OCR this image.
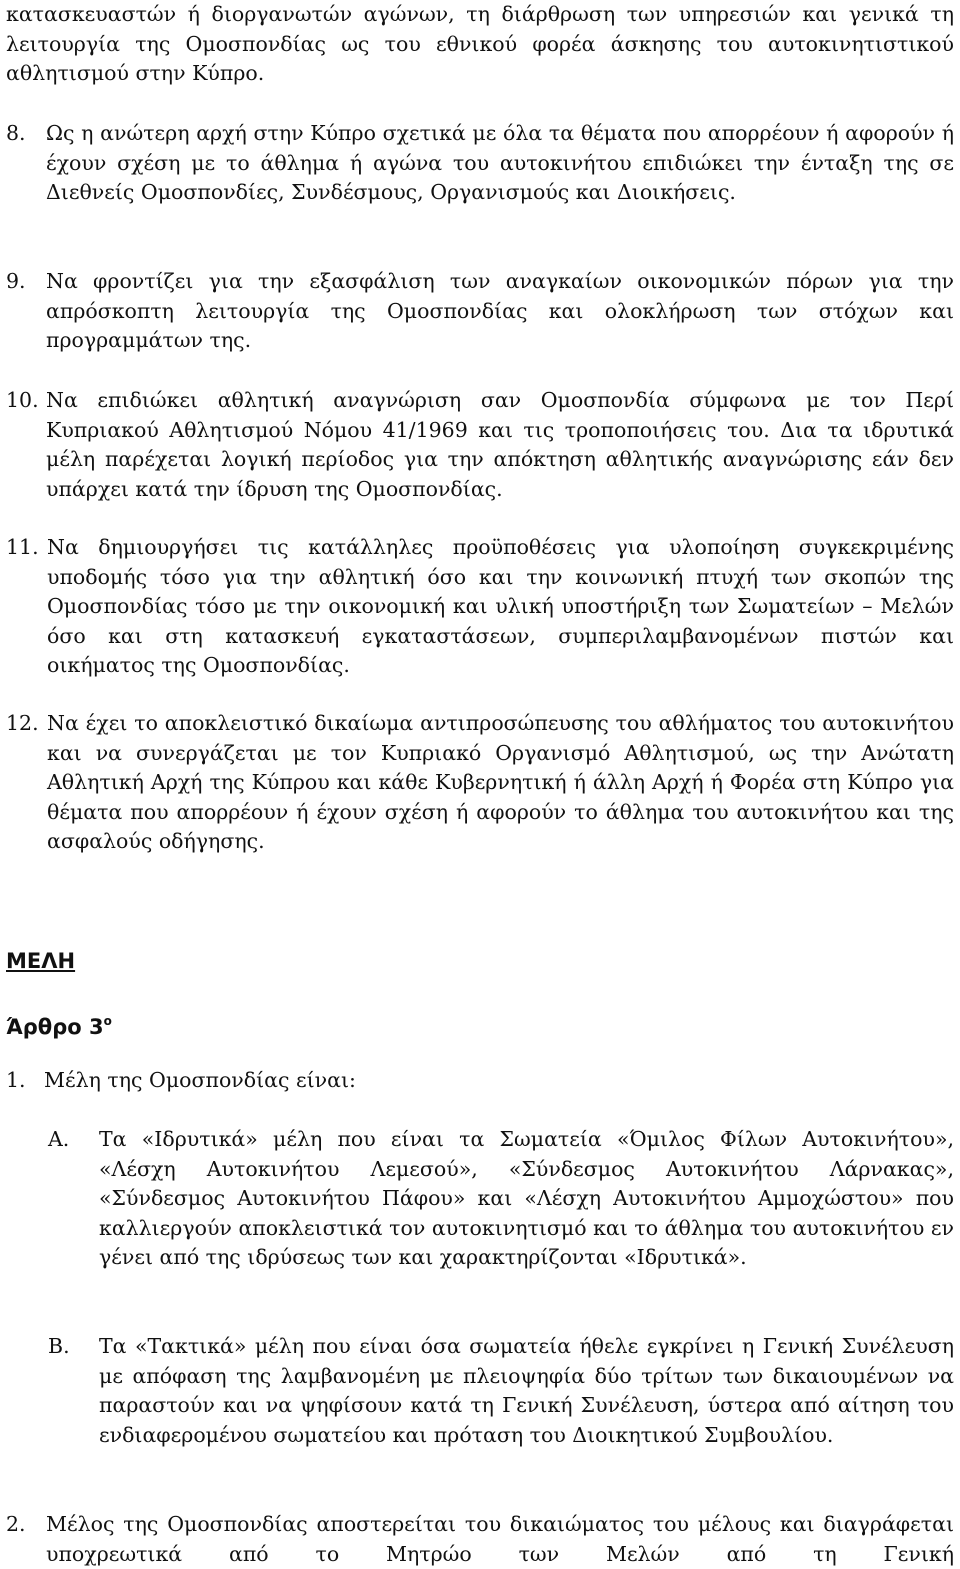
κατασκευαστών ή διοργανωτών αγώνων, τη διάρθρωση των υπηρεσιών και γενικά τη λειτουργία της Ομοσπονδίας ως του εθνικού φορέα άσκησης του αυτοκινητιστικού αθλητισμού στην Κύπρο.

8. Ως η ανώτερη αρχή στην Κύπρο σχετικά με όλα τα θέματα που απορρέουν ή αφορούν ή έχουν σχέση με το άθλημα ή αγώνα του αυτοκινήτου επιδιώκει την ένταξη της σε Διεθνείς Ομοσπονδίες, Συνδέσμους, Οργανισμούς και Διοικήσεις.

9. Να φροντίζει για την εξασφάλιση των αναγκαίων οικονομικών πόρων για την απρόσκοπτη λειτουργία της Ομοσπονδίας και ολοκλήρωση των στόχων και προγραμμάτων της.

10. Να επιδιώκει αθλητική αναγνώριση σαν Ομοσπονδία σύμφωνα με τον Περί Κυπριακού Αθλητισμού Νόμου 41/1969 και τις τροποποιήσεις του. Δια τα ιδρυτικά μέλη παρέχεται λογική περίοδος για την απόκτηση αθλητικής αναγνώρισης εάν δεν υπάρχει κατά την ίδρυση της Ομοσπονδίας.

11. Να δημιουργήσει τις κατάλληλες προϋποθέσεις για υλοποίηση συγκεκριμένης υποδομής τόσο για την αθλητική όσο και την κοινωνική πτυχή των σκοπών της Ομοσπονδίας τόσο με την οικονομική και υλική υποστήριξη των Σωματείων – Μελών όσο και στη κατασκευή εγκαταστάσεων, συμπεριλαμβανομένων πιστών και οικήματος της Ομοσπονδίας.

12. Να έχει το αποκλειστικό δικαίωμα αντιπροσώπευσης του αθλήματος του αυτοκινήτου και να συνεργάζεται με τον Κυπριακό Οργανισμό Αθλητισμού, ως την Ανώτατη Αθλητική Αρχή της Κύπρου και κάθε Κυβερνητική ή άλλη Αρχή ή Φορέα στη Κύπρο για θέματα που απορρέουν ή έχουν σχέση ή αφορούν το άθλημα του αυτοκινήτου και της ασφαλούς οδήγησης.

ΜΕΛΗ
Άρθρο $3^o$
1. Μέλη της Ομοσπονδίας είναι:
Α. Τα «Ιδρυτικά» μέλη που είναι τα Σωματεία «Όμιλος Φίλων Αυτοκινήτου», «Λέσχη Αυτοκινήτου Λεμεσού», «Σύνδεσμος Αυτοκινήτου Λάρνακας», «Σύνδεσμος Αυτοκινήτου Πάφου» και «Λέσχη Αυτοκινήτου Αμμοχώστου» που καλλιεργούν αποκλειστικά τον αυτοκινητισμό και το άθλημα του αυτοκινήτου εν γένει από της ιδρύσεως των και χαρακτηρίζονται «Ιδρυτικά».

Β. Τα «Τακτικά» μέλη που είναι όσα σωματεία ήθελε εγκρίνει η Γενική Συνέλευση με απόφαση της λαμβανομένη με πλειοψηφία δύο τρίτων των δικαιουμένων να παραστούν και να ψηφίσουν κατά τη Γενική Συνέλευση, ύστερα από αίτηση του ενδιαφερομένου σωματείου και πρόταση του Διοικητικού Συμβουλίου.

2. Μέλος της Ομοσπονδίας αποστερείται του δικαιώματος του μέλους και διαγράφεται υποχρεωτικά από το Μητρώο των Μελών από τη Γενική
